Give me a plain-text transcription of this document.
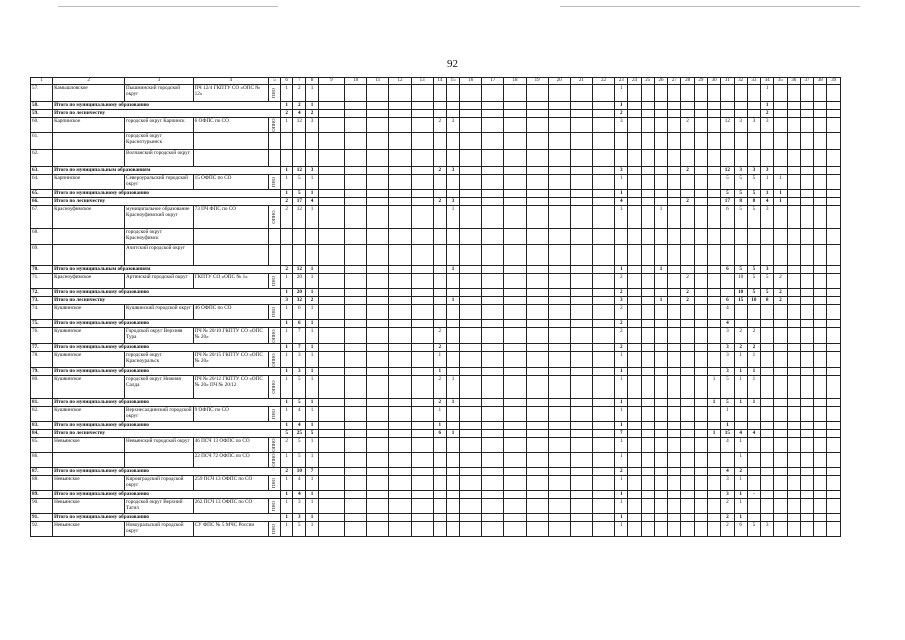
92
1	2	3	4	5	6	7	8	9	10	11	12	13	14	15	16	17	18	19	20	21	22	23	24	25	26	27	28	29	30	31	32	33	34	35	36	37	38	39
57.	Камышловское	Пышминский городской округ	ПЧ 12/4 ГКПТУ СО «ОПС № 12»	ПНО	1	2	1															1											1					
58.	Итого по муниципальному образованию				1	2	1															1											1					
59.	Итого по лесничеству				2	4	2															2											2					
60.	Карпинское	городской округ Карпинск	6 ОФПС по СО	ОПНО	1	12	3						2	3								3					2			12	3	3	3					
61.		городской округ Краснотурьинск		

62.		Волчанский городской округ		

63.	Итого по муниципальным образованиям				1	12	3						2	3								3					2			12	3	3	3					
64.	Карпинское	Североуральский городской округ	15 ОФПС по СО	ПНО	1	5	1															1								5	5	5	1	1				
65.	Итого по муниципальному образованию				1	5	1															1								5	5	5	1	1				
66.	Итого по лесничеству				2	17	4						2	3								4					2			17	8	8	4	1				
67.	Красноуфимское	муниципальное образование Красноуфимский округ	73 ПЧ ФПС по СО	ОПНО	2	12	1							1								1			1					6	5	5	3					
68.		городской округ Красноуфимск		

69.		Ачитский городской округ		

70.	Итого по муниципальным образованиям				2	12	1							1								1			1					6	5	5	3					
71.	Красноуфимское	Артинский городской округ	ГКПТУ СО «ОПС № 1»	ПНО	1	20	1															2					2				10	5	5	2				
72.	Итого по муниципальному образованию				1	20	1															2					2				10	5	5	2				
73.	Итого по лесничеству				3	32	2							1								3			1		2			6	15	10	8	2				
74.	Кушвинское	Кушвинский городской округ	46 ОФПС по СО	ПНО	1	6	1															2								4								
75.	Итого по муниципальному образованию				1	6	1															2								4								
76.	Кушвинское	Городской округ Верхняя Тура	ПЧ № 20/10 ГКПТУ СО «ОПС № 20»	ОПНО	1	7	1						2									2								3	2	2						
77.	Итого по муниципальному образованию				1	7	1						2									2								3	2	2						
78.	Кушвинское	городской округ Красноуральск	ПЧ № 20/15 ГКПТУ СО «ОПС № 20»	ОПНО	1	3	1						1									1								3	1	1						
79.	Итого по муниципальному образованию				1	3	1						1									1								3	1	1						
80.	Кушвинское	городской округ Нижняя Салда	ПЧ № 20/12 ГКПТУ СО «ОПС № 20» ПЧ № 20/12	ОПНО	1	5	1						2	1								1							1	5	1	1						
81.	Итого по муниципальному образованию				1	5	1						2	1								1							1	5	1	1						
82.	Кушвинское	Верхнесалдинский городской округ	9 ОФПС по СО	ПНО	1	4	1						1									1								1								
83.	Итого по муниципальному образованию				1	4	1						1									1								1								
84.	Итого по лесничеству				5	25	5						6	1								7							1	15	4	4						
85.	Невьянское	Невьянский городской округ	46 ПСЧ 13 ОФПС по СО	ОПНО	2	5	1															1								4	1							
86.			22 ПСЧ 72 ОФПС по СО	ОПНО	1	5	1															1									1							
87.	Итого по муниципальному образованию				2	10	7															2								4	2							
88.	Невьянское	Кировградский городской округ	259 ПСЧ 13 ОФПС по СО	ПНО	1	4	1															1								3	1							
89.	Итого по муниципальному образованию				1	4	1															1								3	1	-						
90.	Невьянское	городской округ Верхний Тагил	262 ПСЧ 13 ОФПС по СО	ПНО	1	3	1															1								2	1							
91.	Итого по муниципальному образованию				1	3	1															1								2	1							
92.	Невьянское	Новоуральский городской округ	СУ ФПС № 5 МЧС России	ПНО	1	5	1															1								2	6	5	3					
